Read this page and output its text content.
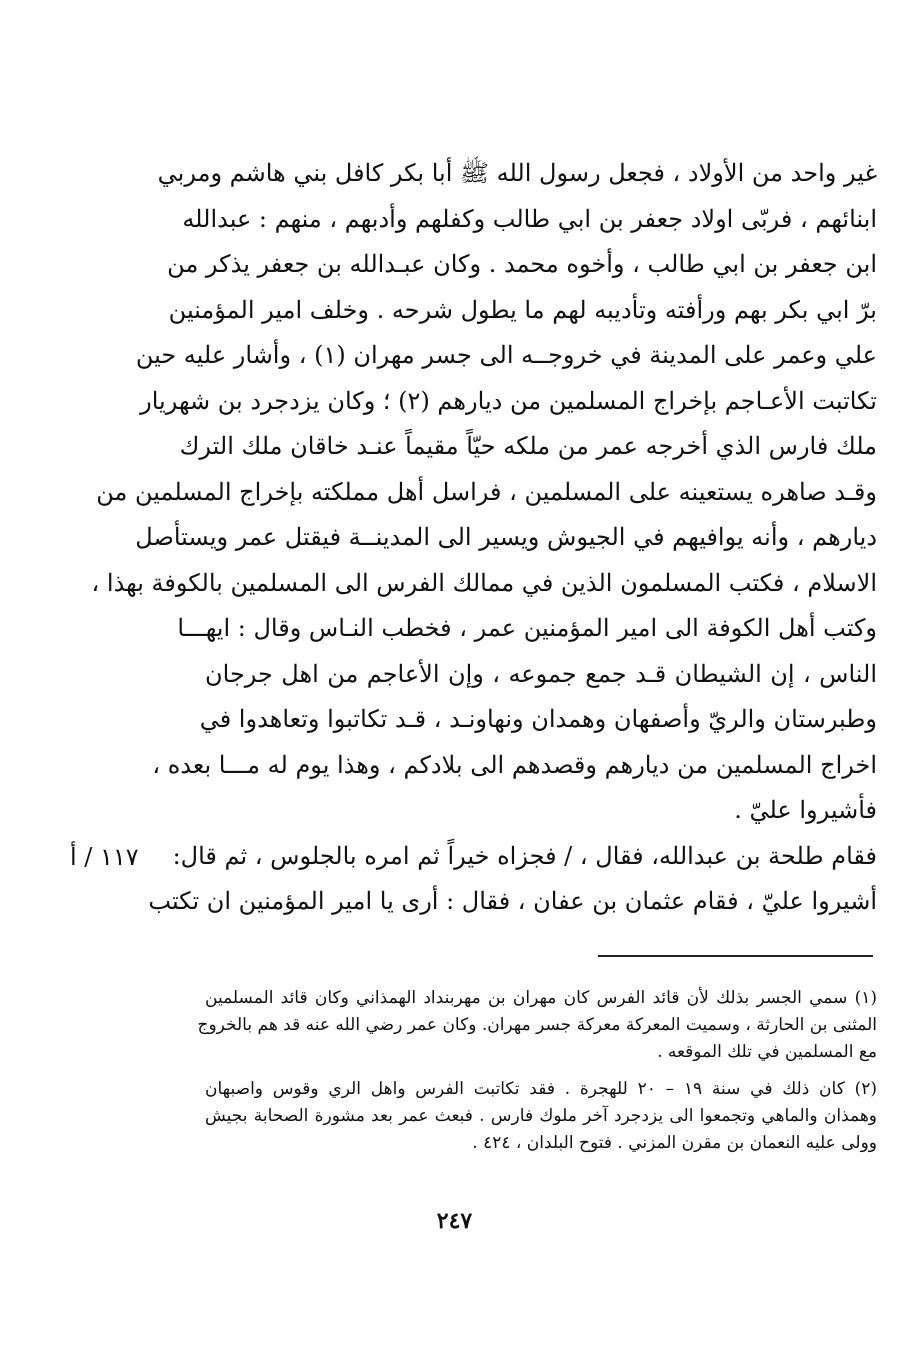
غير واحد من الأولاد ، فجعل رسول الله ﷺ أبا بكر كافل بني هاشم ومربي
ابنائهم ، فربّى اولاد جعفر بن ابي طالب وكفلهم وأدبهم ، منهم : عبدالله
ابن جعفر بن ابي طالب ، وأخوه محمد . وكان عبـدالله بن جعفر يذكر من
برّ ابي بكر بهم ورأفته وتأديبه لهم ما يطول شرحه . وخلف امير المؤمنين
علي وعمر على المدينة في خروجــه الى جسر مهران (١) ، وأشار عليه حين
تكاتبت الأعـاجم بإخراج المسلمين من ديارهم (٢) ؛ وكان يزدجرد بن شهريار
ملك فارس الذي أخرجه عمر من ملكه حيّاً مقيماً عنـد خاقان ملك الترك
وقـد صاهره يستعينه على المسلمين ، فراسل أهل مملكته بإخراج المسلمين من
ديارهم ، وأنه يوافيهم في الجيوش ويسير الى المدينــة فيقتل عمر ويستأصل
الاسلام ، فكتب المسلمون الذين في ممالك الفرس الى المسلمين بالكوفة بهذا ،
وكتب أهل الكوفة الى امير المؤمنين عمر ، فخطب النـاس وقال : ايهـــا
الناس ، إن الشيطان قـد جمع جموعه ، وإن الأعاجم من اهل جرجان
وطبرستان والريّ وأصفهان وهمدان ونهاونـد ، قـد تكاتبوا وتعاهدوا في
اخراج المسلمين من ديارهم وقصدهم الى بلادكم ، وهذا يوم له مـــا بعده ،
فأشيروا عليّ .
فقام طلحة بن عبدالله، فقال ، / فجزاه خيراً ثم امره بالجلوس ، ثم قال:
أشيروا عليّ ، فقام عثمان بن عفان ، فقال : أرى يا امير المؤمنين ان تكتب
١١٧ / أ
(١) سمي الجسر بذلك لأن قائد الفرس كان مهران بن مهربنداد الهمذاني وكان قائد المسلمين
المثنى بن الحارثة ، وسميت المعركة معركة جسر مهران. وكان عمر رضي الله عنه قد هم بالخروج
مع المسلمين في تلك الموقعه .
(٢) كان ذلك في سنة ١٩ – ٢٠ للهجرة . فقد تكاتبت الفرس واهل الري وقوس واصبهان
وهمذان والماهي وتجمعوا الى يزدجرد آخر ملوك فارس . فبعث عمر بعد مشورة الصحابة بجيش
وولى عليه النعمان بن مقرن المزني . فتوح البلدان ، ٤٢٤ .
٢٤٧
